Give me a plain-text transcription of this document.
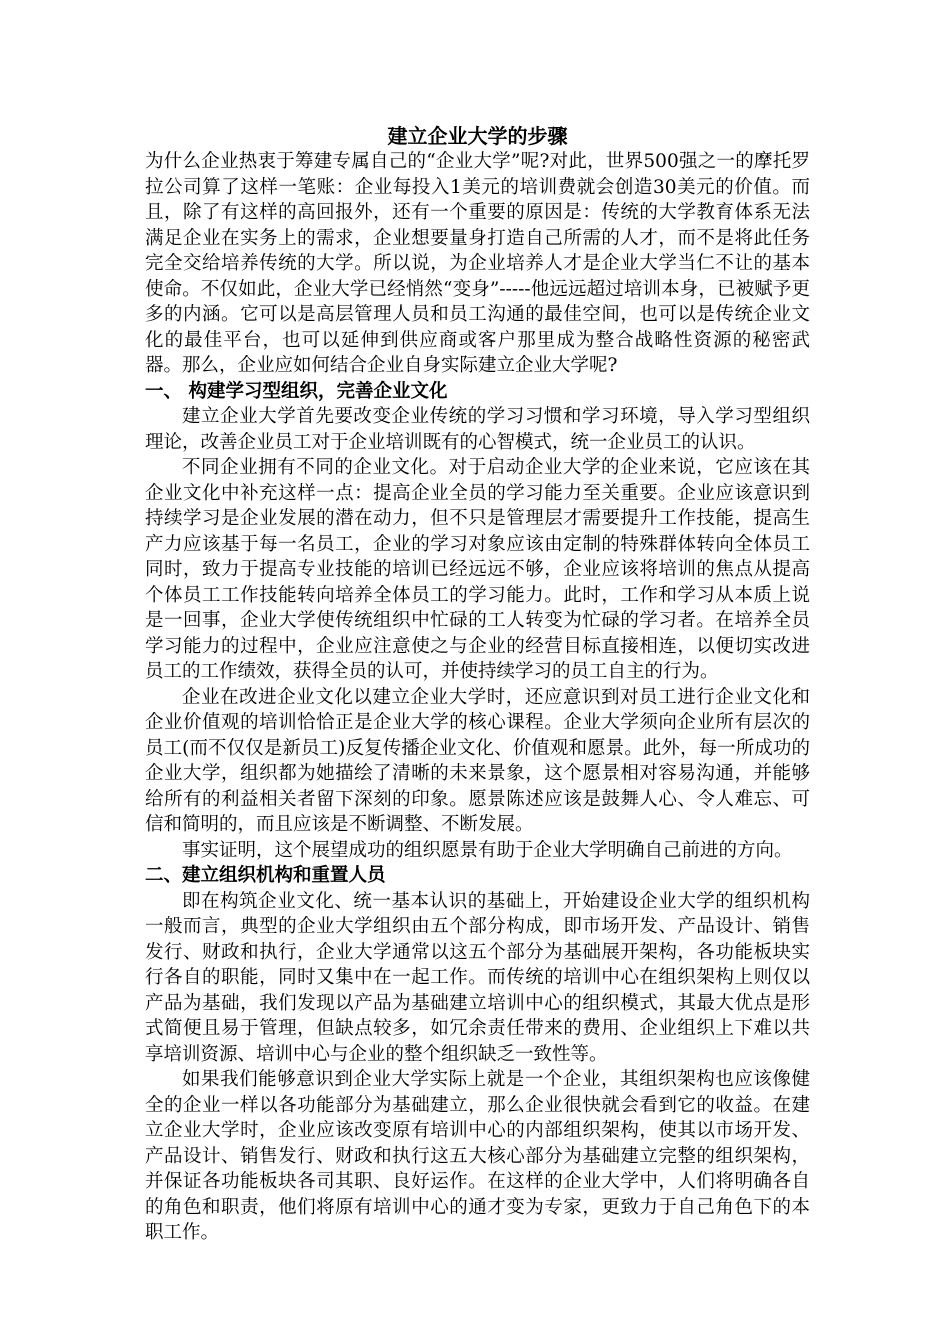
建立企业大学的步骤

为什么企业热衷于筹建专属自己的“企业大学”呢?对此，世界500强之一的摩托罗拉公司算了这样一笔账：企业每投入1美元的培训费就会创造30美元的价值。而且，除了有这样的高回报外，还有一个重要的原因是：传统的大学教育体系无法满足企业在实务上的需求，企业想要量身打造自己所需的人才，而不是将此任务完全交给培养传统的大学。所以说，为企业培养人才是企业大学当仁不让的基本使命。不仅如此，企业大学已经悄然“变身”-----他远远超过培训本身，已被赋予更多的内涵。它可以是高层管理人员和员工沟通的最佳空间，也可以是传统企业文化的最佳平台，也可以延伸到供应商或客户那里成为整合战略性资源的秘密武器。那么，企业应如何结合企业自身实际建立企业大学呢?

一、 构建学习型组织，完善企业文化

建立企业大学首先要改变企业传统的学习习惯和学习环境，导入学习型组织理论，改善企业员工对于企业培训既有的心智模式，统一企业员工的认识。

不同企业拥有不同的企业文化。对于启动企业大学的企业来说，它应该在其企业文化中补充这样一点：提高企业全员的学习能力至关重要。企业应该意识到持续学习是企业发展的潜在动力，但不只是管理层才需要提升工作技能，提高生产力应该基于每一名员工，企业的学习对象应该由定制的特殊群体转向全体员工同时，致力于提高专业技能的培训已经远远不够，企业应该将培训的焦点从提高个体员工工作技能转向培养全体员工的学习能力。此时，工作和学习从本质上说是一回事，企业大学使传统组织中忙碌的工人转变为忙碌的学习者。在培养全员学习能力的过程中，企业应注意使之与企业的经营目标直接相连，以便切实改进员工的工作绩效，获得全员的认可，并使持续学习的员工自主的行为。

企业在改进企业文化以建立企业大学时，还应意识到对员工进行企业文化和企业价值观的培训恰恰正是企业大学的核心课程。企业大学须向企业所有层次的员工(而不仅仅是新员工)反复传播企业文化、价值观和愿景。此外，每一所成功的企业大学，组织都为她描绘了清晰的未来景象，这个愿景相对容易沟通，并能够给所有的利益相关者留下深刻的印象。愿景陈述应该是鼓舞人心、令人难忘、可信和简明的，而且应该是不断调整、不断发展。

事实证明，这个展望成功的组织愿景有助于企业大学明确自己前进的方向。

二、建立组织机构和重置人员

即在构筑企业文化、统一基本认识的基础上，开始建设企业大学的组织机构一般而言，典型的企业大学组织由五个部分构成，即市场开发、产品设计、销售发行、财政和执行，企业大学通常以这五个部分为基础展开架构，各功能板块实行各自的职能，同时又集中在一起工作。而传统的培训中心在组织架构上则仅以产品为基础，我们发现以产品为基础建立培训中心的组织模式，其最大优点是形式简便且易于管理，但缺点较多，如冗余责任带来的费用、企业组织上下难以共享培训资源、培训中心与企业的整个组织缺乏一致性等。

如果我们能够意识到企业大学实际上就是一个企业，其组织架构也应该像健全的企业一样以各功能部分为基础建立，那么企业很快就会看到它的收益。在建立企业大学时，企业应该改变原有培训中心的内部组织架构，使其以市场开发、产品设计、销售发行、财政和执行这五大核心部分为基础建立完整的组织架构，并保证各功能板块各司其职、良好运作。在这样的企业大学中，人们将明确各自的角色和职责，他们将原有培训中心的通才变为专家，更致力于自己角色下的本职工作。
